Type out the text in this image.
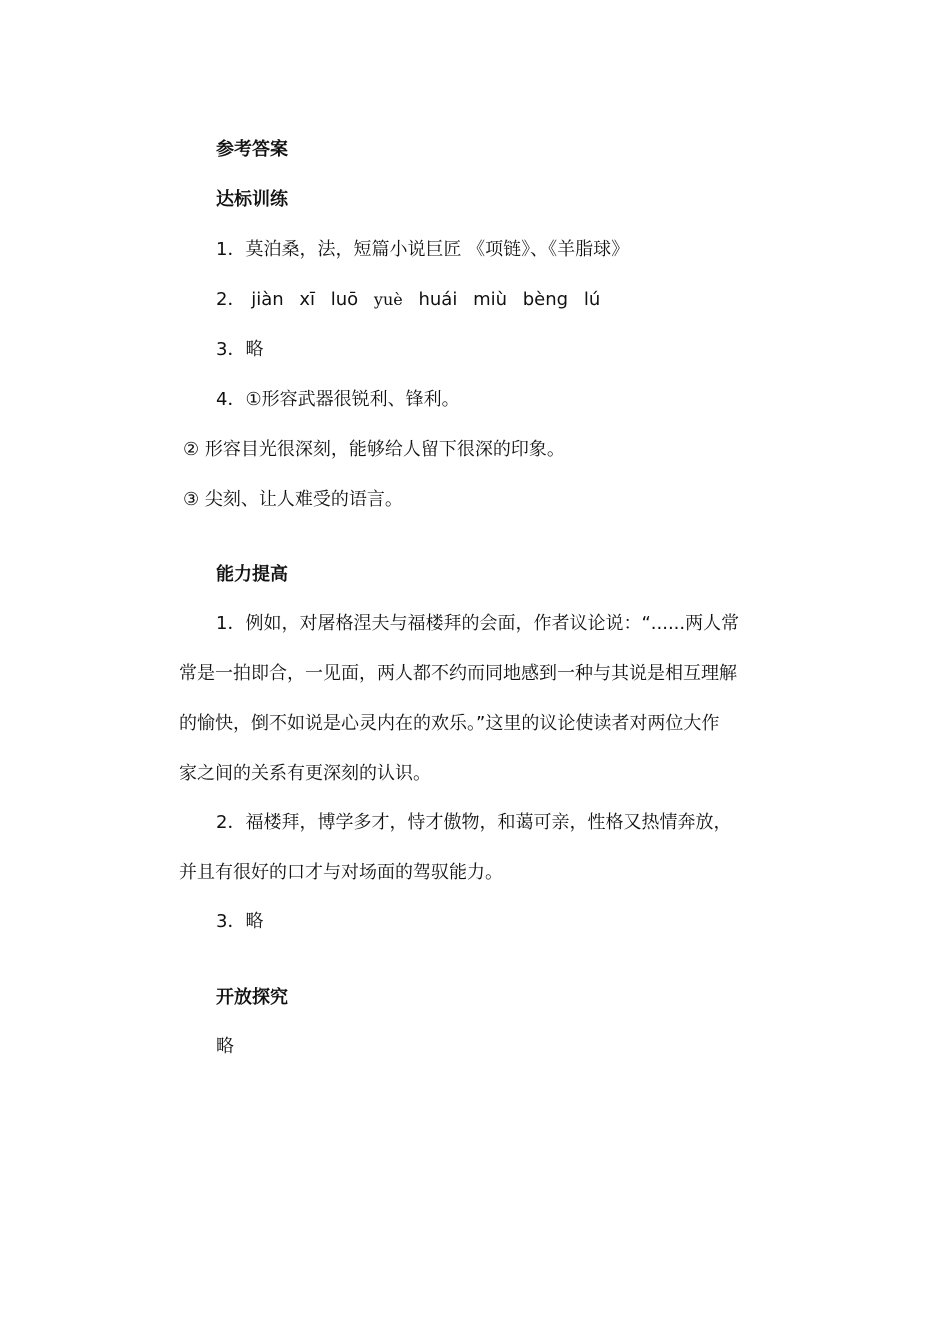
参考答案
达标训练
1．莫泊桑，法，短篇小说巨匠 《项链》、《羊脂球》
2． jiàn xī luō yuè huái miù bèng lú
3．略
4．①形容武器很锐利、锋利。
② 形容目光很深刻，能够给人留下很深的印象。
③ 尖刻、让人难受的语言。
能力提高
1．例如，对屠格涅夫与福楼拜的会面，作者议论说：“......两人常
常是一拍即合，一见面，两人都不约而同地感到一种与其说是相互理解
的愉快，倒不如说是心灵内在的欢乐。”这里的议论使读者对两位大作
家之间的关系有更深刻的认识。
2．福楼拜，博学多才，恃才傲物，和蔼可亲，性格又热情奔放，
并且有很好的口才与对场面的驾驭能力。
3．略
开放探究
略
